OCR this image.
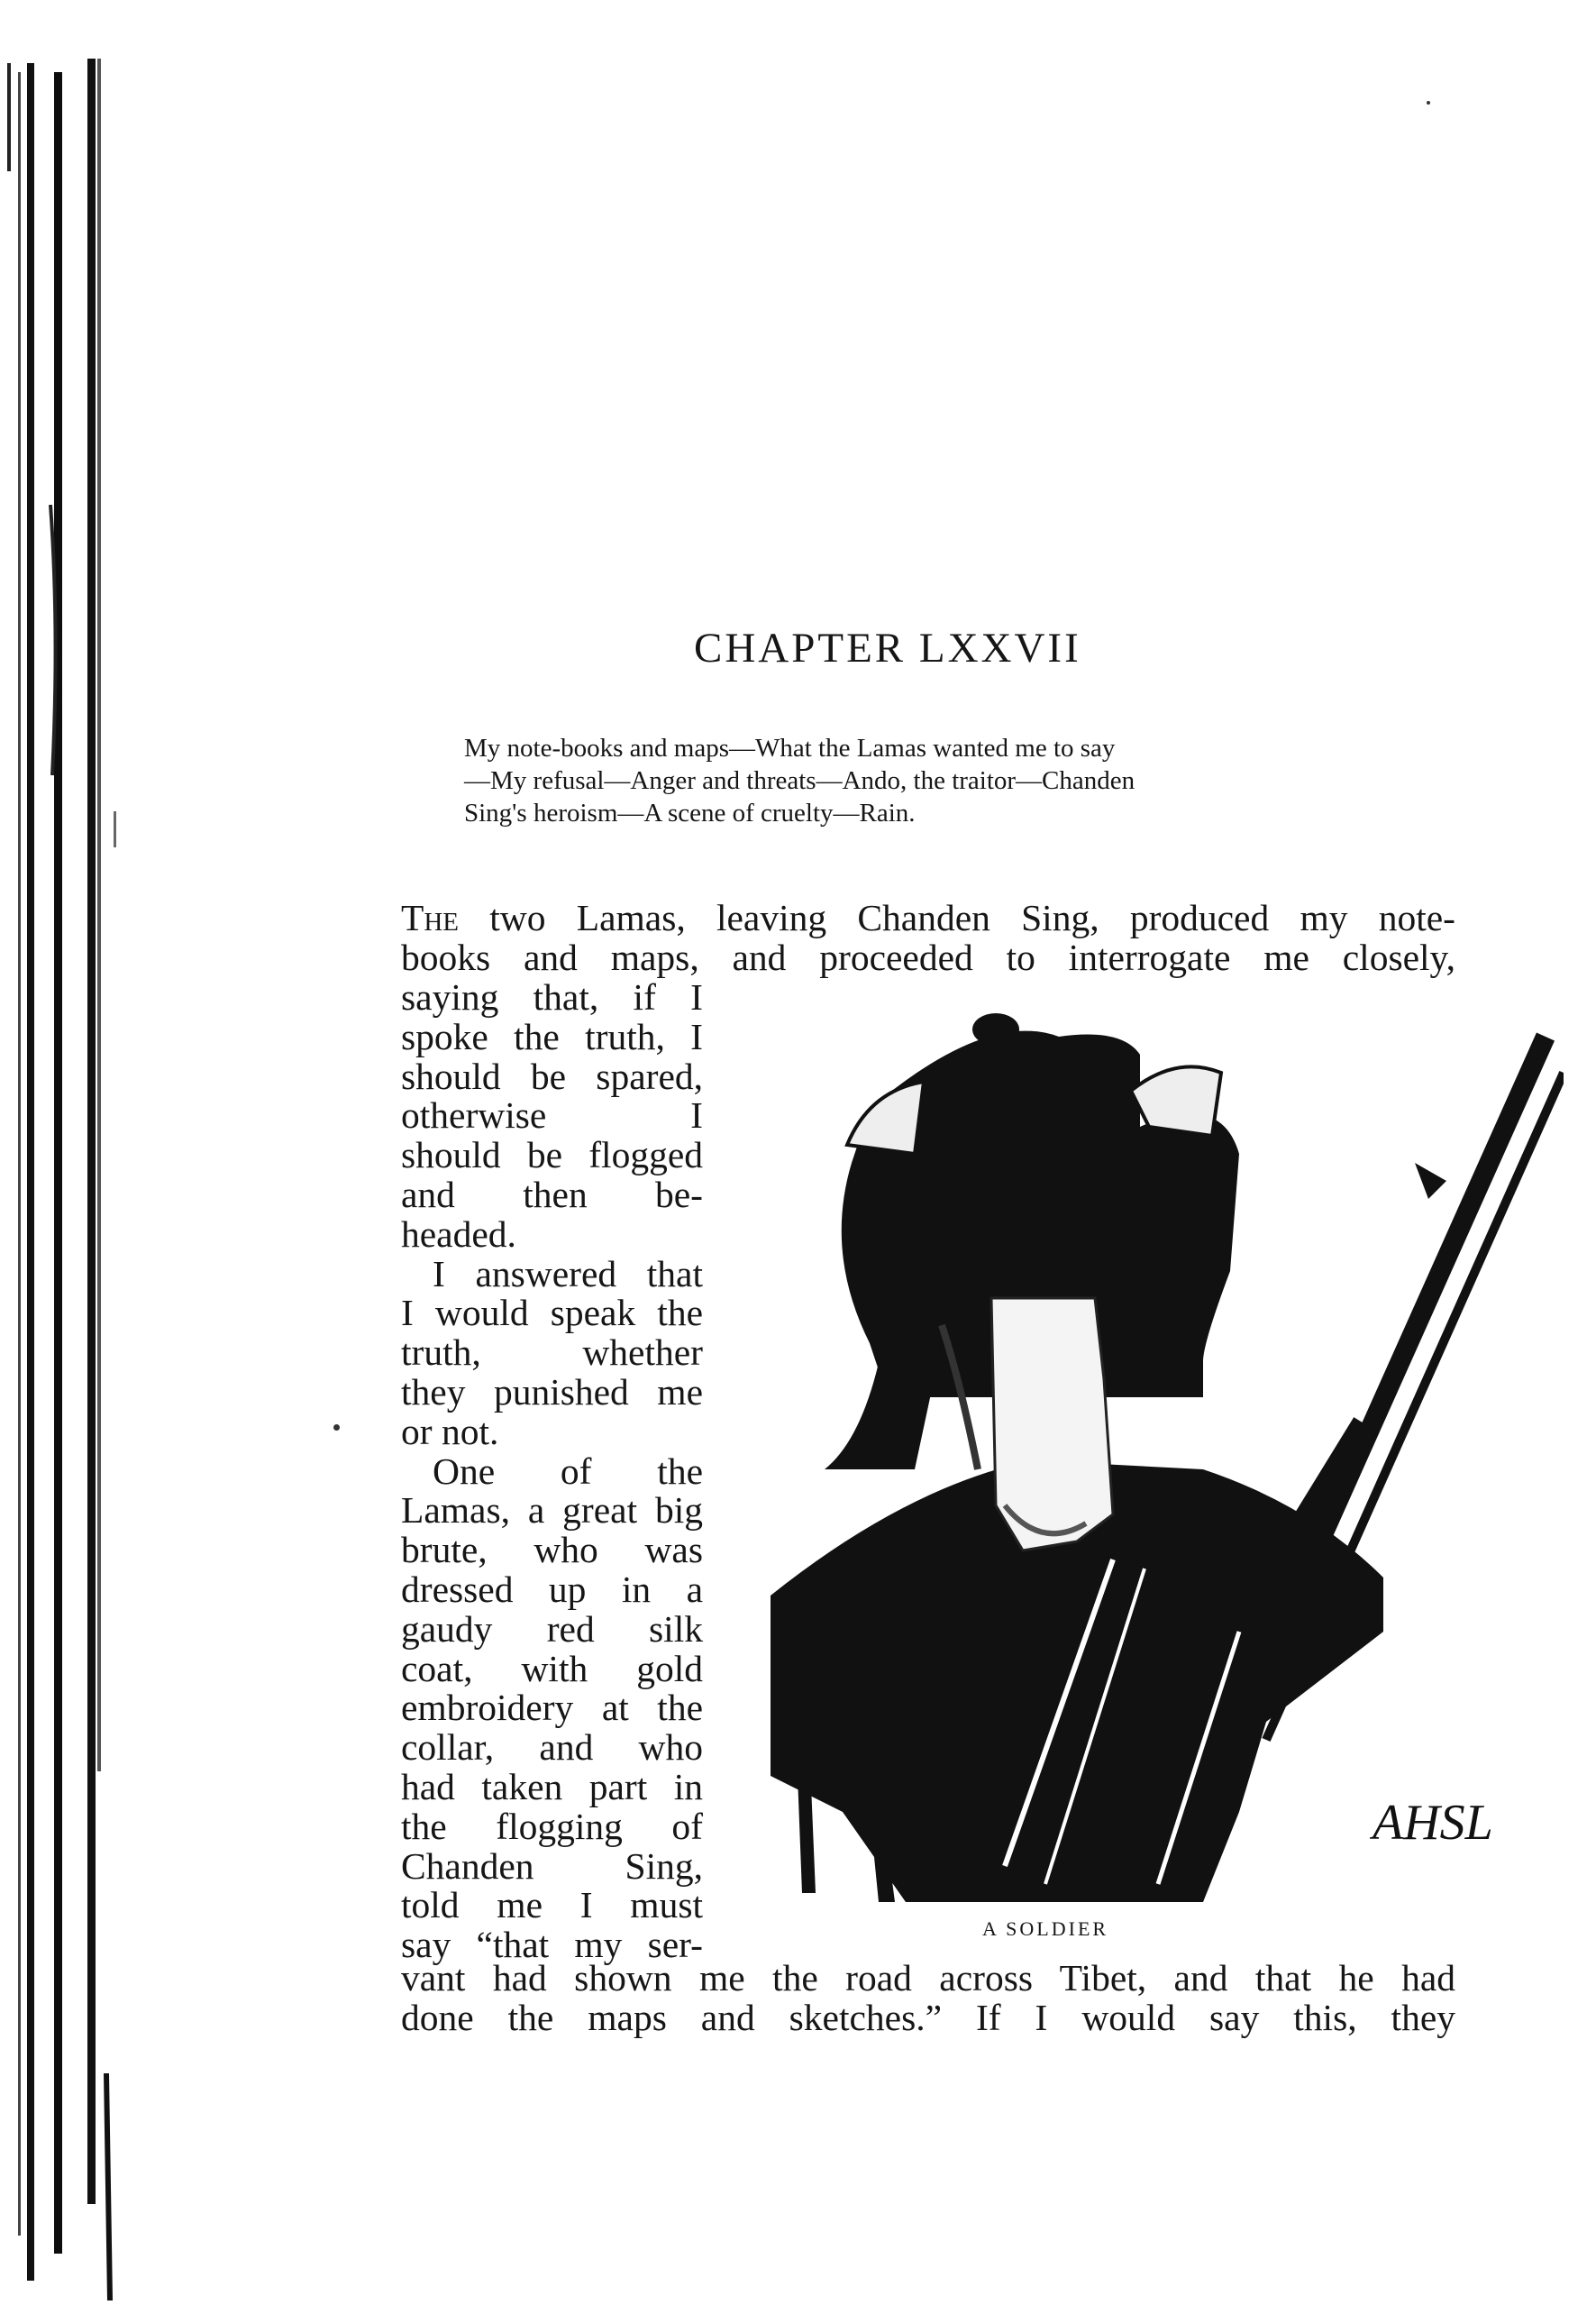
CHAPTER LXXVII
My note-books and maps—What the Lamas wanted me to say
—My refusal—Anger and threats—Ando, the traitor—Chanden
Sing's heroism—A scene of cruelty—Rain.
The two Lamas, leaving Chanden Sing, produced my note-
books and maps, and proceeded to interrogate me closely,
saying that, if I
spoke the truth, I
should be spared,
otherwise I
should be flogged
and then be-
headed.
I answered that
I would speak the
truth, whether
they punished me
or not.
One of the
Lamas, a great big
brute, who was
dressed up in a
gaudy red silk
coat, with gold
embroidery at the
collar, and who
had taken part in
the flogging of
Chanden Sing,
told me I must
say “that my ser-
vant had shown me the road across Tibet, and that he had
done the maps and sketches.” If I would say this, they
AHSL
A SOLDIER
